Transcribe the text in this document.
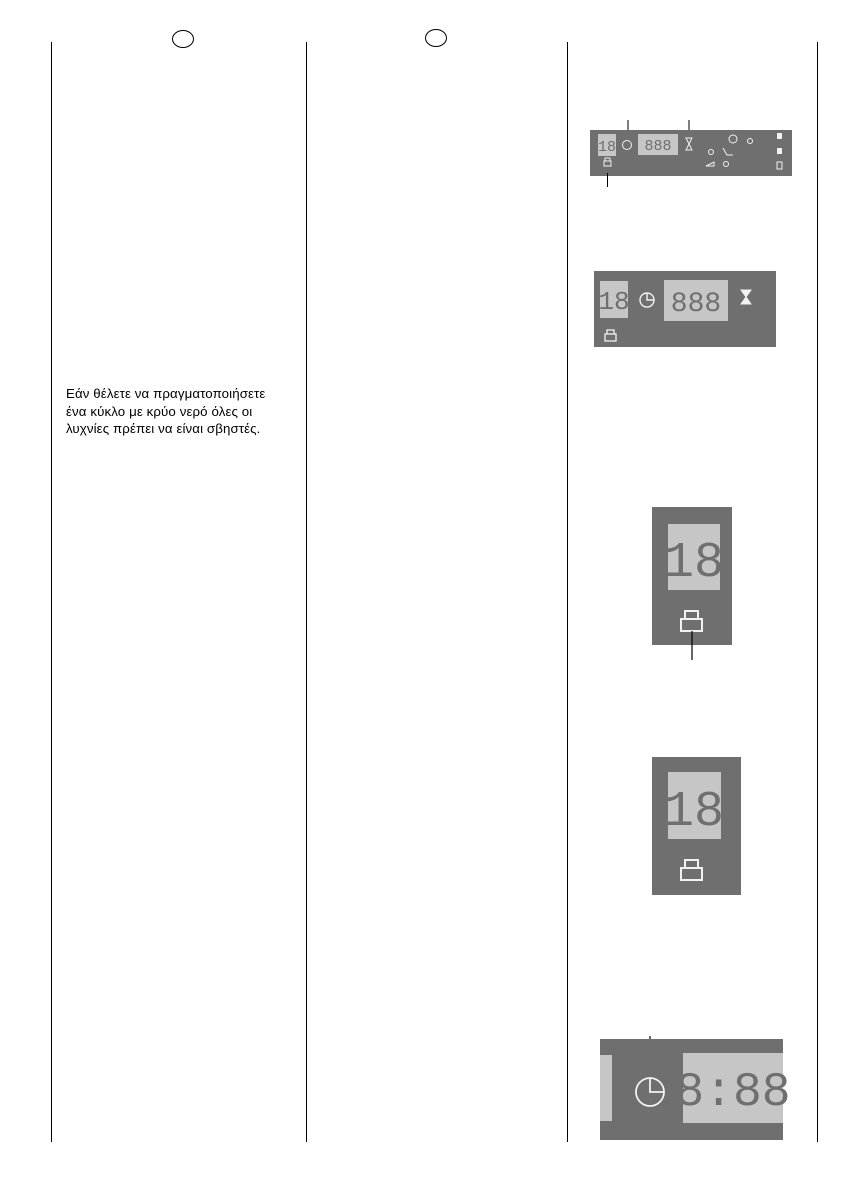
Εάν θέλετε να πραγματοποιήσετε
ένα κύκλο με κρύο νερό όλες οι
λυχνίες πρέπει να είναι σβηστές.
18 888
18 888
18
18
8:88
